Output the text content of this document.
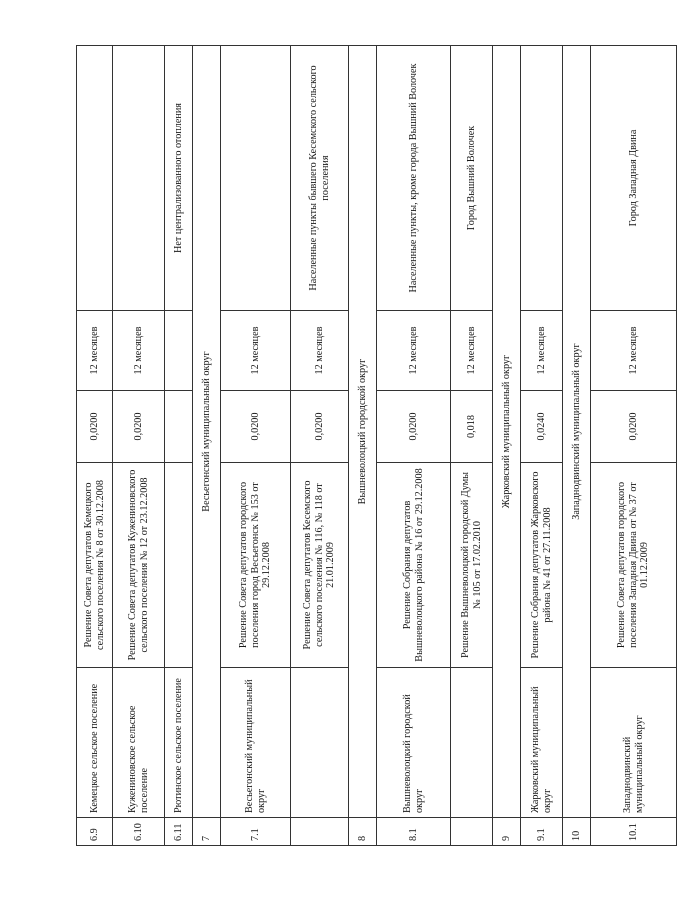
6.9	Кемецкое сельское поселение	Решение Совета депутатов Кемецкого сельского поселения № 8 от 30.12.2008	0,0200	12 месяцев	
6.10	Кужениновское сельское поселение	Решение Совета депутатов Кужениновского сельского поселения № 12 от 23.12.2008	0,0200	12 месяцев	
6.11	Рютинское сельское поселение				Нет централизованного отопления
7	Весьегонский муниципальный округ				
7.1	Весьегонский муниципальный округ	Решение Совета депутатов городского поселения город Весьегонск № 153 от 29.12.2008	0,0200	12 месяцев	
		Решение Совета депутатов Кесемского сельского поселения № 116, № 118 от 21.01.2009	0,0200	12 месяцев	Населенные пункты бывшего Кесемского сельского поселения
8	Вышневолоцкий городской округ				
8.1	Вышневолоцкий городской округ	Решение Собрания депутатов Вышневолоцкого района № 16 от 29.12.2008	0,0200	12 месяцев	Населенные пункты, кроме города Вышний Волочек
		Решение Вышневолоцкой городской Думы № 105 от 17.02.2010	0,018	12 месяцев	Город Вышний Волочек
9	Жарковский муниципальный округ				
9.1	Жарковский муниципальный округ	Решение Собрания депутатов Жарковского района № 41 от 27.11.2008	0,0240	12 месяцев	
10	Западнодвинский муниципальный округ				
10.1	Западнодвинский муниципальный округ	Решение Совета депутатов городского поселения Западная Двина от № 37 от 01.12.2009	0,0200	12 месяцев	Город Западная Двина
